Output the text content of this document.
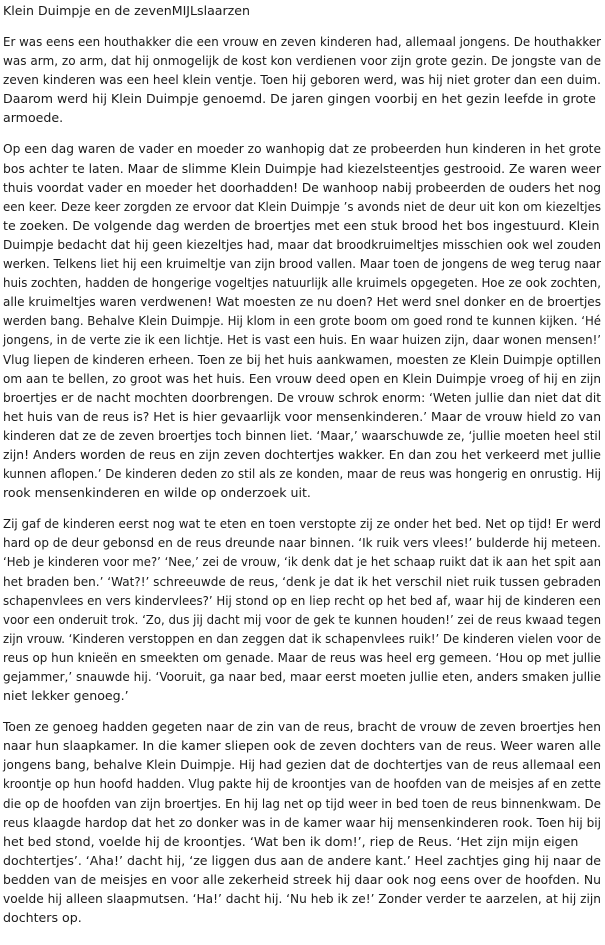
Klein Duimpje en de zevenMIJLslaarzen
Er was eens een houthakker die een vrouw en zeven kinderen had, allemaal jongens. De houthakker
was arm, zo arm, dat hij onmogelijk de kost kon verdienen voor zijn grote gezin. De jongste van de
zeven kinderen was een heel klein ventje. Toen hij geboren werd, was hij niet groter dan een duim.
Daarom werd hij Klein Duimpje genoemd. De jaren gingen voorbij en het gezin leefde in grote
armoede.
Op een dag waren de vader en moeder zo wanhopig dat ze probeerden hun kinderen in het grote
bos achter te laten. Maar de slimme Klein Duimpje had kiezelsteentjes gestrooid. Ze waren weer
thuis voordat vader en moeder het doorhadden! De wanhoop nabij probeerden de ouders het nog
een keer. Deze keer zorgden ze ervoor dat Klein Duimpje ’s avonds niet de deur uit kon om kiezeltjes
te zoeken. De volgende dag werden de broertjes met een stuk brood het bos ingestuurd. Klein
Duimpje bedacht dat hij geen kiezeltjes had, maar dat broodkruimeltjes misschien ook wel zouden
werken. Telkens liet hij een kruimeltje van zijn brood vallen. Maar toen de jongens de weg terug naar
huis zochten, hadden de hongerige vogeltjes natuurlijk alle kruimels opgegeten. Hoe ze ook zochten,
alle kruimeltjes waren verdwenen! Wat moesten ze nu doen? Het werd snel donker en de broertjes
werden bang. Behalve Klein Duimpje. Hij klom in een grote boom om goed rond te kunnen kijken. ‘Hé
jongens, in de verte zie ik een lichtje. Het is vast een huis. En waar huizen zijn, daar wonen mensen!’
Vlug liepen de kinderen erheen. Toen ze bij het huis aankwamen, moesten ze Klein Duimpje optillen
om aan te bellen, zo groot was het huis. Een vrouw deed open en Klein Duimpje vroeg of hij en zijn
broertjes er de nacht mochten doorbrengen. De vrouw schrok enorm: ‘Weten jullie dan niet dat dit
het huis van de reus is? Het is hier gevaarlijk voor mensenkinderen.’ Maar de vrouw hield zo van
kinderen dat ze de zeven broertjes toch binnen liet. ‘Maar,’ waarschuwde ze, ‘jullie moeten heel stil
zijn! Anders worden de reus en zijn zeven dochtertjes wakker. En dan zou het verkeerd met jullie
kunnen aflopen.’ De kinderen deden zo stil als ze konden, maar de reus was hongerig en onrustig. Hij
rook mensenkinderen en wilde op onderzoek uit.
Zij gaf de kinderen eerst nog wat te eten en toen verstopte zij ze onder het bed. Net op tijd! Er werd
hard op de deur gebonsd en de reus dreunde naar binnen. ‘Ik ruik vers vlees!’ bulderde hij meteen.
‘Heb je kinderen voor me?’ ‘Nee,’ zei de vrouw, ‘ik denk dat je het schaap ruikt dat ik aan het spit aan
het braden ben.’ ‘Wat?!’ schreeuwde de reus, ‘denk je dat ik het verschil niet ruik tussen gebraden
schapenvlees en vers kindervlees?’ Hij stond op en liep recht op het bed af, waar hij de kinderen een
voor een onderuit trok. ‘Zo, dus jij dacht mij voor de gek te kunnen houden!’ zei de reus kwaad tegen
zijn vrouw. ‘Kinderen verstoppen en dan zeggen dat ik schapenvlees ruik!’ De kinderen vielen voor de
reus op hun knieën en smeekten om genade. Maar de reus was heel erg gemeen. ‘Hou op met jullie
gejammer,’ snauwde hij. ‘Vooruit, ga naar bed, maar eerst moeten jullie eten, anders smaken jullie
niet lekker genoeg.’
Toen ze genoeg hadden gegeten naar de zin van de reus, bracht de vrouw de zeven broertjes hen
naar hun slaapkamer. In die kamer sliepen ook de zeven dochters van de reus. Weer waren alle
jongens bang, behalve Klein Duimpje. Hij had gezien dat de dochtertjes van de reus allemaal een
kroontje op hun hoofd hadden. Vlug pakte hij de kroontjes van de hoofden van de meisjes af en zette
die op de hoofden van zijn broertjes. En hij lag net op tijd weer in bed toen de reus binnenkwam. De
reus klaagde hardop dat het zo donker was in de kamer waar hij mensenkinderen rook. Toen hij bij
het bed stond, voelde hij de kroontjes. ‘Wat ben ik dom!’, riep de Reus. ‘Het zijn mijn eigen
dochtertjes’. ‘Aha!’ dacht hij, ‘ze liggen dus aan de andere kant.’ Heel zachtjes ging hij naar de
bedden van de meisjes en voor alle zekerheid streek hij daar ook nog eens over de hoofden. Nu
voelde hij alleen slaapmutsen. ‘Ha!’ dacht hij. ‘Nu heb ik ze!’ Zonder verder te aarzelen, at hij zijn
dochters op.
